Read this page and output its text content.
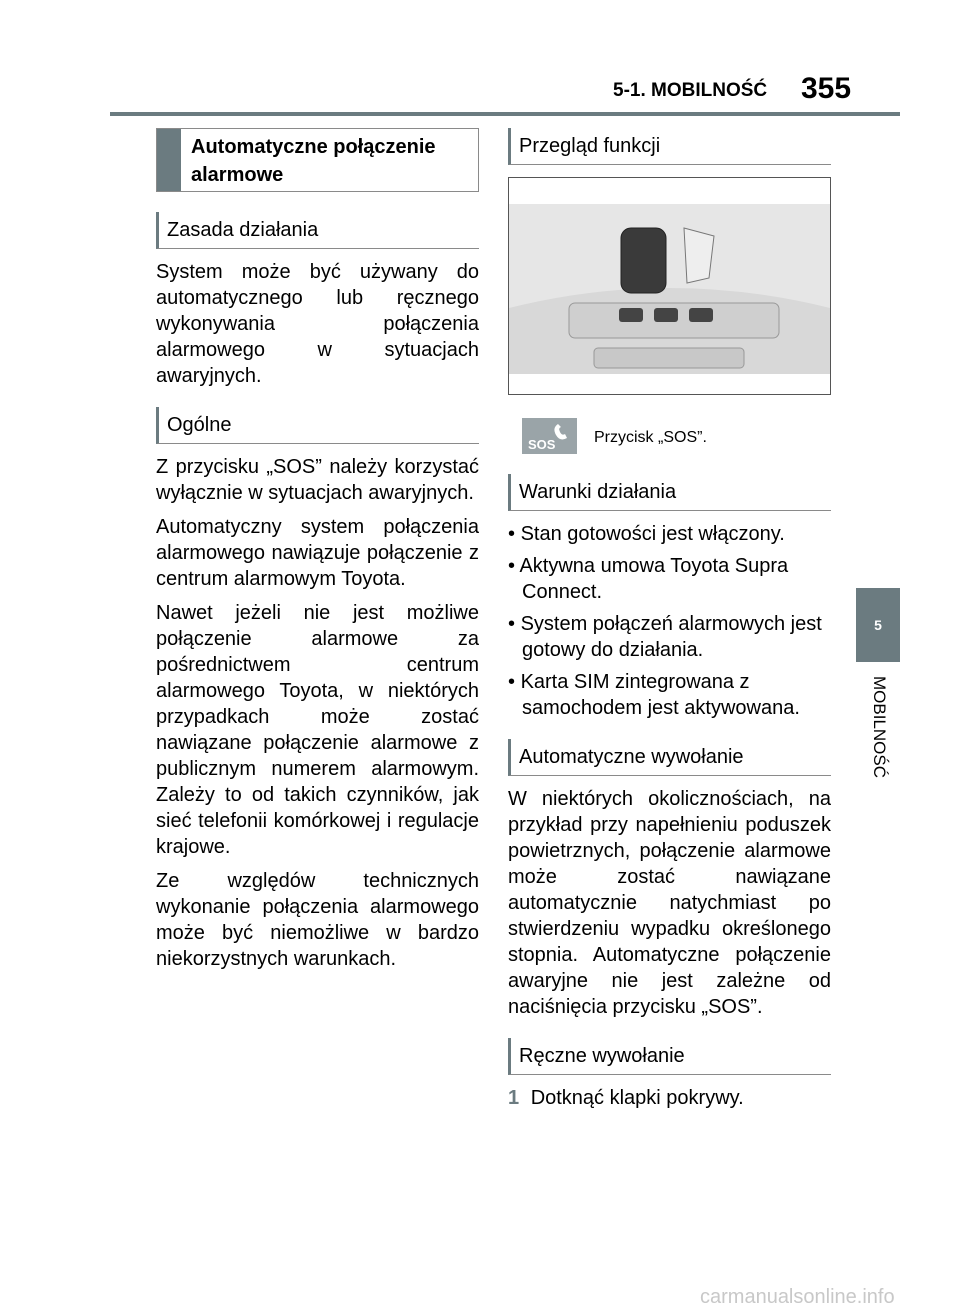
5-1. MOBILNOŚĆ 355
5
MOBILNOŚĆ
Automatyczne połączenie alarmowe
Zasada działania

System może być używany do automatycznego lub ręcznego wykonywania połączenia alarmowego w sytuacjach awaryjnych.

Ogólne

Z przycisku „SOS” należy korzystać wyłącznie w sytuacjach awaryjnych.

Automatyczny system połączenia alarmowego nawiązuje połączenie z centrum alarmowym Toyota.

Nawet jeżeli nie jest możliwe połączenie alarmowe za pośrednictwem centrum alarmowego Toyota, w niektórych przypadkach może zostać nawiązane połączenie alarmowe z publicznym numerem alarmowym. Zależy to od takich czynników, jak sieć telefonii komórkowej i regulacje krajowe.

Ze względów technicznych wykonanie połączenia alarmowego może być niemożliwe w bardzo niekorzystnych warunkach.

Przegląd funkcji
SOS Przycisk „SOS”.
Warunki działania

• Stan gotowości jest włączony.

• Aktywna umowa Toyota Supra Connect.

• System połączeń alarmowych jest gotowy do działania.

• Karta SIM zintegrowana z samochodem jest aktywowana.

Automatyczne wywołanie

W niektórych okolicznościach, na przykład przy napełnieniu poduszek powietrznych, połączenie alarmowe może zostać nawiązane automatycznie natychmiast po stwierdzeniu wypadku określonego stopnia. Automatyczne połączenie awaryjne nie jest zależne od naciśnięcia przycisku „SOS”.

Ręczne wywołanie

1 Dotknąć klapki pokrywy.

carmanualsonline.info
